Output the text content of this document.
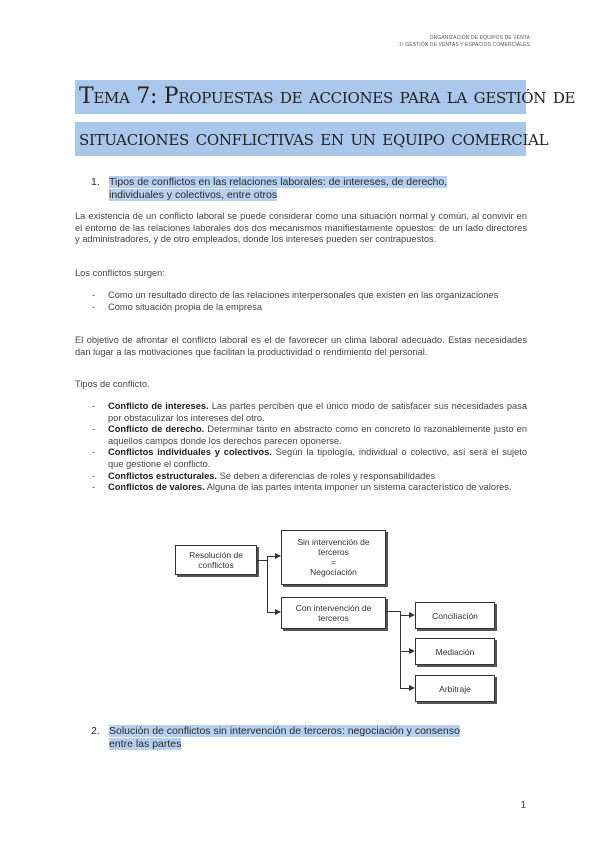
ORGANIZACIÓN DE EQUIPOS DE VENTA
1º GESTIÓN DE VENTAS Y ESPACIOS COMERCIALES
Tema 7: Propuestas de acciones para la gestión de
situaciones conflictivas en un equipo comercial
1. Tipos de conflictos en las relaciones laborales: de intereses, de derecho,
individuales y colectivos, entre otros
La existencia de un conflicto laboral se puede considerar como una situación normal y común, al convivir en el entorno de las relaciones laborales dos dos mecanismos manifiestamente opuestos: de un lado directores y administradores, y de otro empleados, donde los intereses pueden ser contrapuestos.
Los conflictos surgen:
- Como un resultado directo de las relaciones interpersonales que existen en las organizaciones
- Como situación propia de la empresa
El objetivo de afrontar el conflicto laboral es el de favorecer un clima laboral adecuado. Estas necesidades dan lugar a las motivaciones que facilitan la productividad o rendimiento del personal.
Tipos de conflicto.
- Conflicto de intereses. Las partes perciben que el único modo de satisfacer sus necesidades pasa por obstaculizar los intereses del otro.
- Conflicto de derecho. Determinar tanto en abstracto como en concreto lo razonablemente justo en aquellos campos donde los derechos parecen oponerse.
- Conflictos individuales y colectivos. Según la tipología, individual o colectivo, así será el sujeto que gestione el conflicto.
- Conflictos estructurales. Se deben a diferencias de roles y responsabilidades
- Conflictos de valores. Alguna de las partes intenta imponer un sistema característico de valores.
Resolución de conflictos
Sin intervención de
terceros
=
Negociación
Con intervención de
terceros	Conciliación
Mediación
Arbitraje
2. Solución de conflictos sin intervención de terceros: negociación y consenso
entre las partes
1
